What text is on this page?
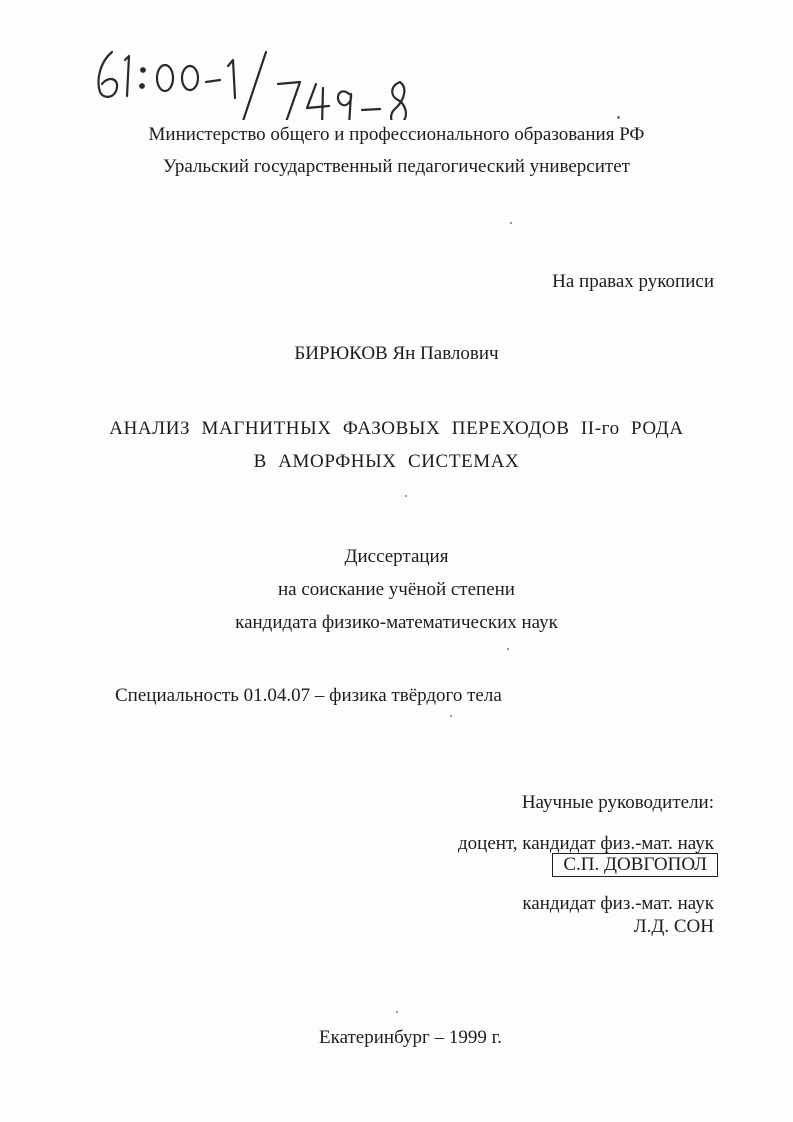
Министерство общего и профессионального образования РФ
Уральский государственный педагогический университет
На правах рукописи
БИРЮКОВ Ян Павлович
АНАЛИЗ МАГНИТНЫХ ФАЗОВЫХ ПЕРЕХОДОВ II-го РОДА
В АМОРФНЫХ СИСТЕМАХ
Диссертация
на соискание учёной степени
кандидата физико-математических наук
Специальность 01.04.07 – физика твёрдого тела
Научные руководители:
доцент, кандидат физ.-мат. наук
С.П. ДОВГОПОЛ
кандидат физ.-мат. наук
Л.Д. СОН
Екатеринбург – 1999 г.
